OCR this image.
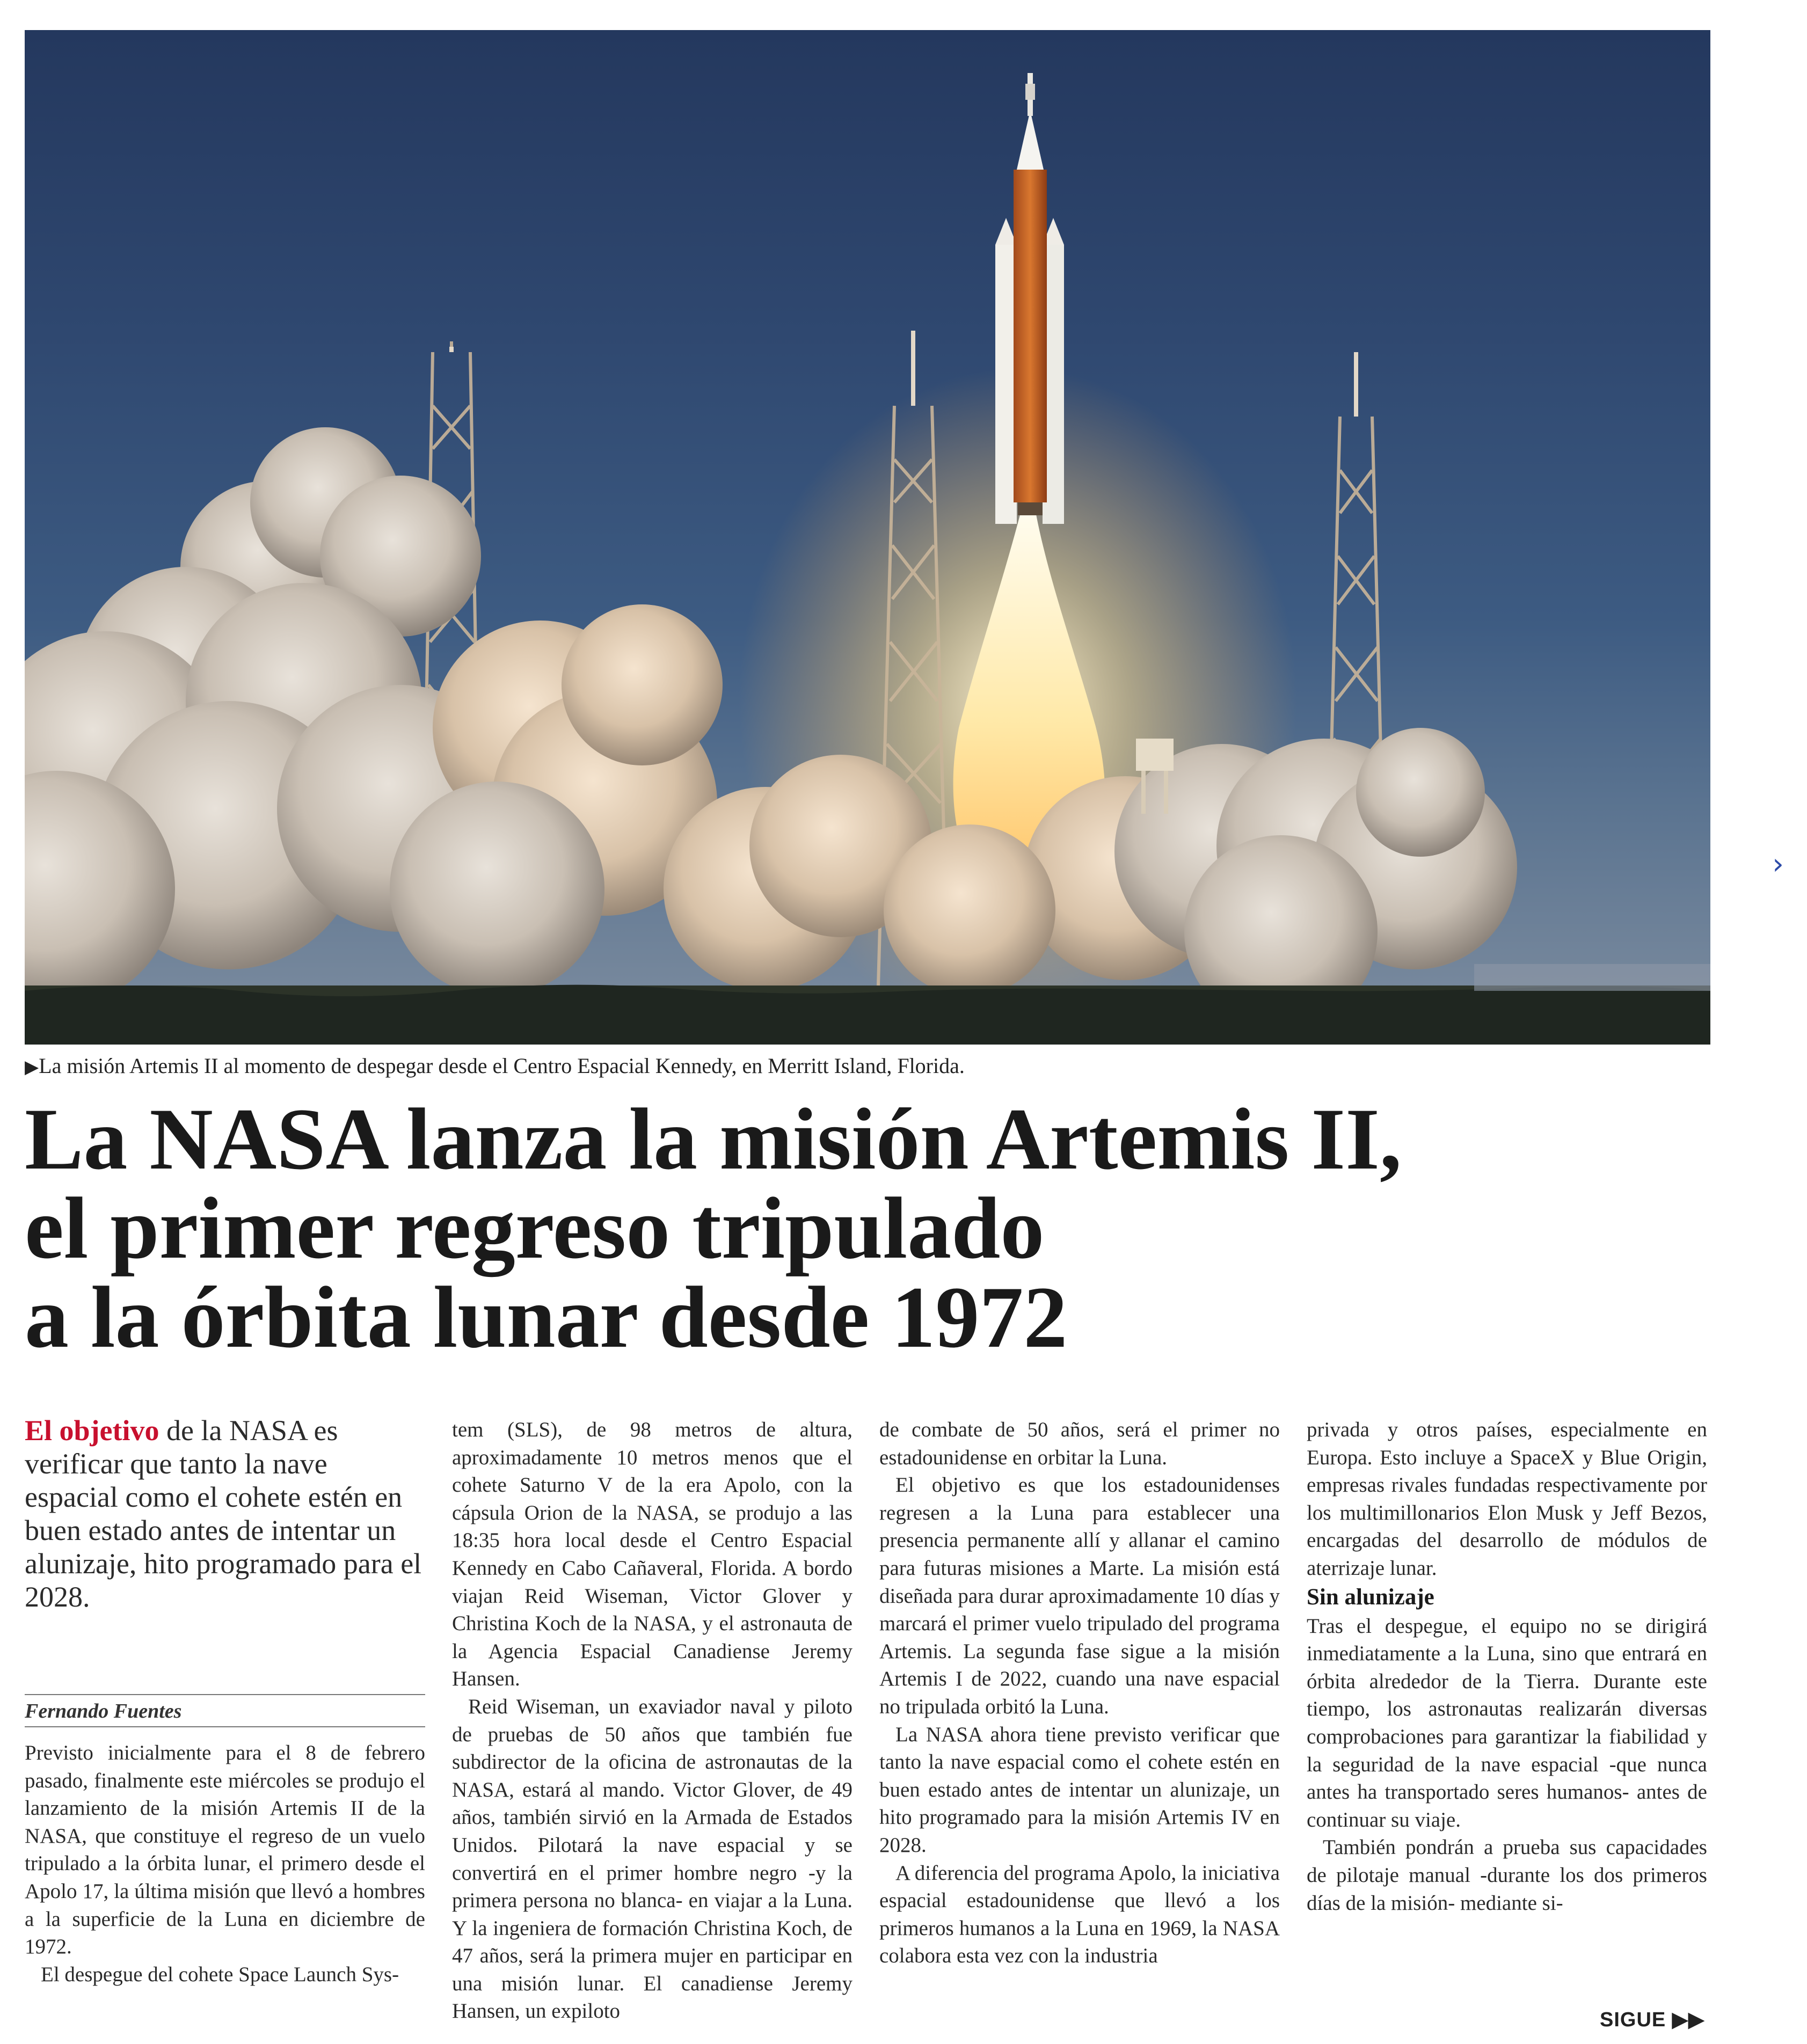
▶La misión Artemis II al momento de despegar desde el Centro Espacial Kennedy, en Merritt Island, Florida.
La NASA lanza la misión Artemis II,
el primer regreso tripulado
a la órbita lunar desde 1972
El objetivo de la NASA es verificar que tanto la nave espacial como el cohete estén en buen estado antes de intentar un alunizaje, hito programado para el 2028.
Fernando Fuentes

Previsto inicialmente para el 8 de febrero pasado, finalmente este miércoles se produjo el lanzamiento de la misión Artemis II de la NASA, que constituye el regreso de un vuelo tripulado a la órbita lunar, el primero desde el Apolo 17, la última misión que llevó a hombres a la superficie de la Luna en diciembre de 1972.

El despegue del cohete Space Launch Sys-

tem (SLS), de 98 metros de altura, aproximadamente 10 metros menos que el cohete Saturno V de la era Apolo, con la cápsula Orion de la NASA, se produjo a las 18:35 hora local desde el Centro Espacial Kennedy en Cabo Cañaveral, Florida. A bordo viajan Reid Wiseman, Victor Glover y Christina Koch de la NASA, y el astronauta de la Agencia Espacial Canadiense Jeremy Hansen.

Reid Wiseman, un exaviador naval y piloto de pruebas de 50 años que también fue subdirector de la oficina de astronautas de la NASA, estará al mando. Victor Glover, de 49 años, también sirvió en la Armada de Estados Unidos. Pilotará la nave espacial y se convertirá en el primer hombre negro -y la primera persona no blanca- en viajar a la Luna. Y la ingeniera de formación Christina Koch, de 47 años, será la primera mujer en participar en una misión lunar. El canadiense Jeremy Hansen, un expiloto

de combate de 50 años, será el primer no estadounidense en orbitar la Luna.

El objetivo es que los estadounidenses regresen a la Luna para establecer una presencia permanente allí y allanar el camino para futuras misiones a Marte. La misión está diseñada para durar aproximadamente 10 días y marcará el primer vuelo tripulado del programa Artemis. La segunda fase sigue a la misión Artemis I de 2022, cuando una nave espacial no tripulada orbitó la Luna.

La NASA ahora tiene previsto verificar que tanto la nave espacial como el cohete estén en buen estado antes de intentar un alunizaje, un hito programado para la misión Artemis IV en 2028.

A diferencia del programa Apolo, la iniciativa espacial estadounidense que llevó a los primeros humanos a la Luna en 1969, la NASA colabora esta vez con la industria

privada y otros países, especialmente en Europa. Esto incluye a SpaceX y Blue Origin, empresas rivales fundadas respectivamente por los multimillonarios Elon Musk y Jeff Bezos, encargadas del desarrollo de módulos de aterrizaje lunar.

Sin alunizaje

Tras el despegue, el equipo no se dirigirá inmediatamente a la Luna, sino que entrará en órbita alrededor de la Tierra. Durante este tiempo, los astronautas realizarán diversas comprobaciones para garantizar la fiabilidad y la seguridad de la nave espacial -que nunca antes ha transportado seres humanos- antes de continuar su viaje.

También pondrán a prueba sus capacidades de pilotaje manual -durante los dos primeros días de la misión- mediante si-

SIGUE ▶▶
›
